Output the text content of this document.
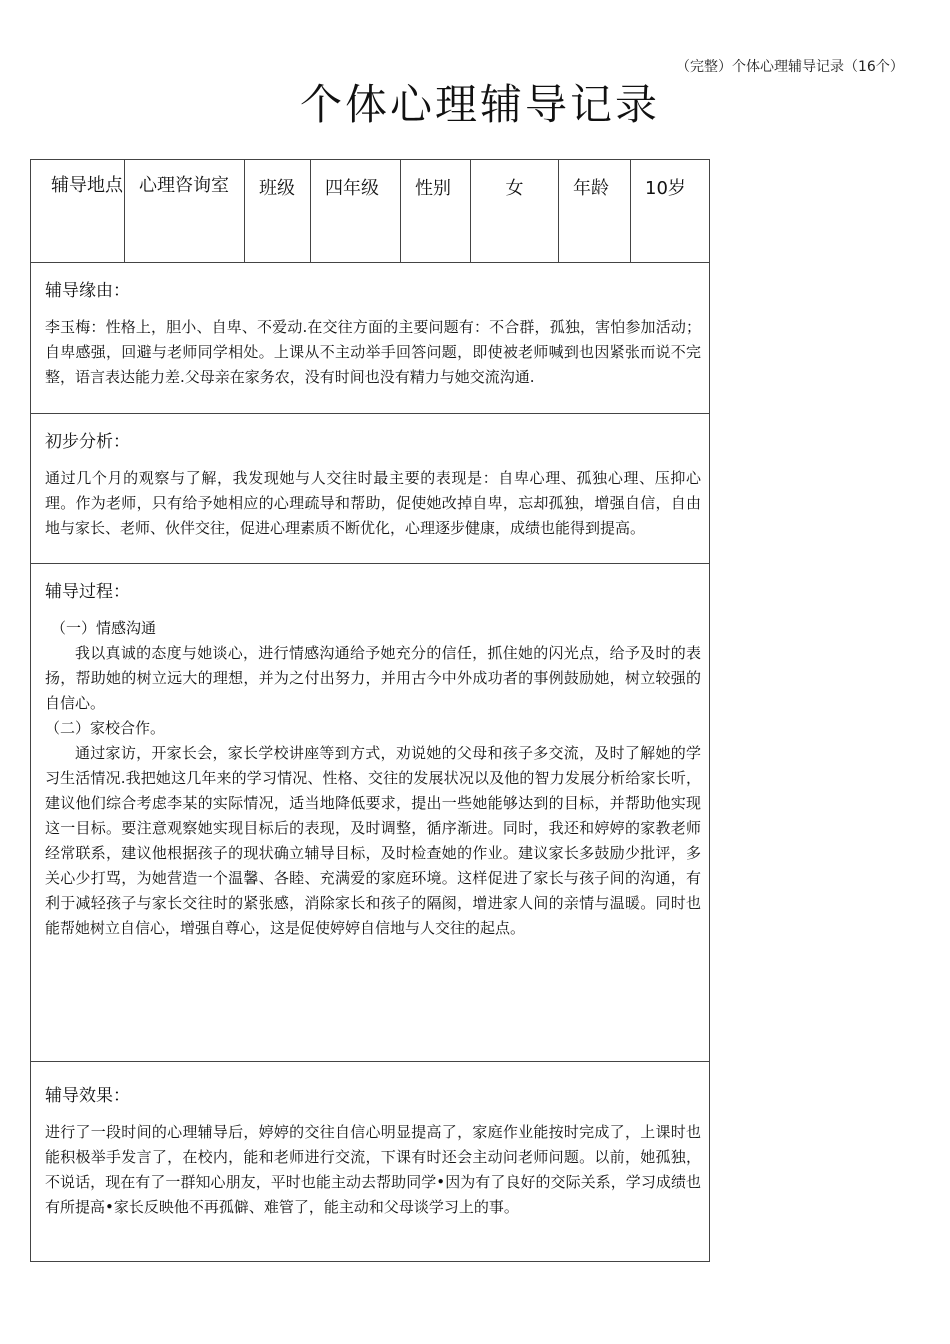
（完整）个体心理辅导记录（16个）
个体心理辅导记录
辅导地点 心理咨询室	班级	四年级	性别	女	年龄	10岁
辅导缘由：
李玉梅：性格上，胆小、自卑、不爱动.在交往方面的主要问题有：不合群，孤独，害怕参加活动；自卑感强，回避与老师同学相处。上课从不主动举手回答问题，即使被老师喊到也因紧张而说不完整，语言表达能力差.父母亲在家务农，没有时间也没有精力与她交流沟通.
初步分析：
通过几个月的观察与了解，我发现她与人交往时最主要的表现是：自卑心理、孤独心理、压抑心理。作为老师，只有给予她相应的心理疏导和帮助，促使她改掉自卑，忘却孤独，增强自信，自由地与家长、老师、伙伴交往，促进心理素质不断优化，心理逐步健康，成绩也能得到提高。
辅导过程：
（一）情感沟通
我以真诚的态度与她谈心，进行情感沟通给予她充分的信任，抓住她的闪光点，给予及时的表扬，帮助她的树立远大的理想，并为之付出努力，并用古今中外成功者的事例鼓励她，树立较强的自信心。
（二）家校合作。
通过家访，开家长会，家长学校讲座等到方式，劝说她的父母和孩子多交流，及时了解她的学习生活情况.我把她这几年来的学习情况、性格、交往的发展状况以及他的智力发展分析给家长听，建议他们综合考虑李某的实际情况，适当地降低要求，提出一些她能够达到的目标，并帮助他实现这一目标。要注意观察她实现目标后的表现，及时调整，循序渐进。同时，我还和婷婷的家教老师经常联系，建议他根据孩子的现状确立辅导目标，及时检查她的作业。建议家长多鼓励少批评，多关心少打骂，为她营造一个温馨、各睦、充满爱的家庭环境。这样促进了家长与孩子间的沟通，有利于减轻孩子与家长交往时的紧张感，消除家长和孩子的隔阂，增进家人间的亲情与温暖。同时也能帮她树立自信心，增强自尊心，这是促使婷婷自信地与人交往的起点。
辅导效果：
进行了一段时间的心理辅导后，婷婷的交往自信心明显提高了，家庭作业能按时完成了，上课时也能积极举手发言了，在校内，能和老师进行交流，下课有时还会主动问老师问题。以前，她孤独，不说话，现在有了一群知心朋友，平时也能主动去帮助同学•因为有了良好的交际关系，学习成绩也有所提高•家长反映他不再孤僻、难管了，能主动和父母谈学习上的事。
